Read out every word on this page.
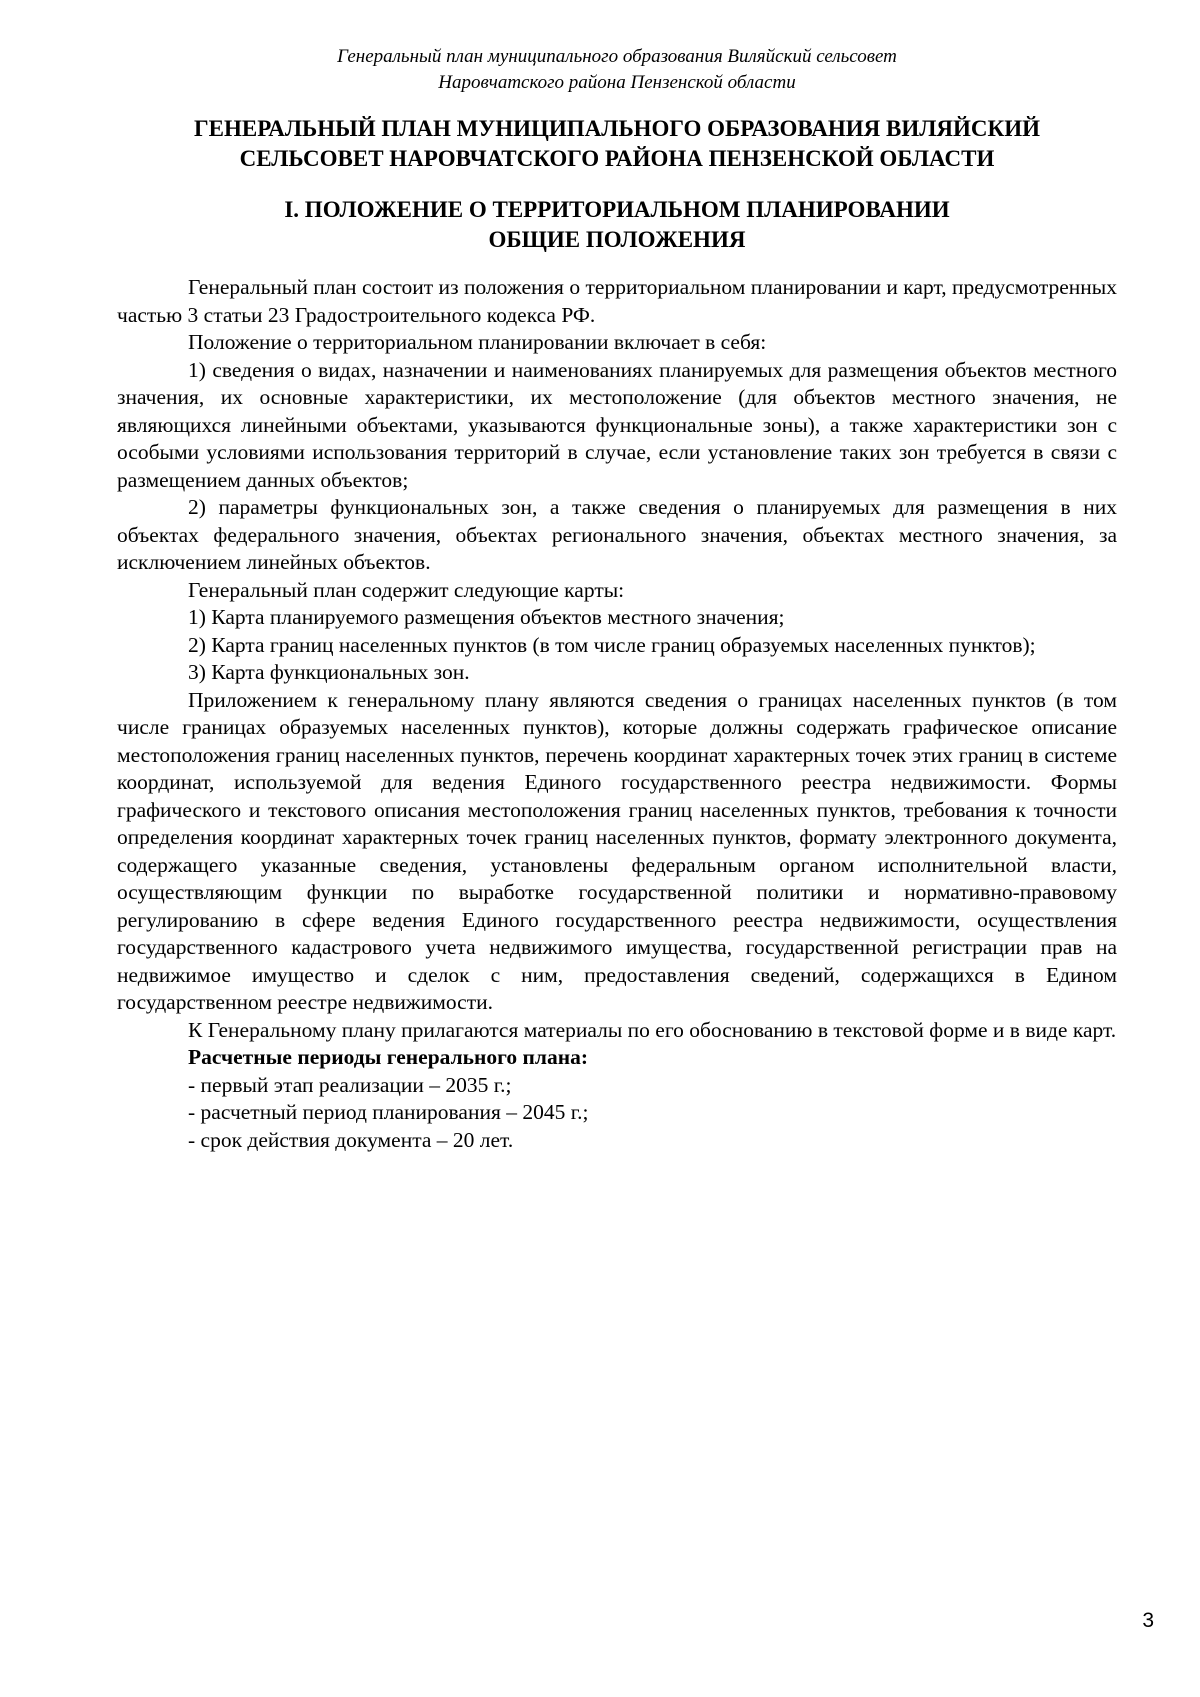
Генеральный план муниципального образования Виляйский сельсовет
Наровчатского района Пензенской области
ГЕНЕРАЛЬНЫЙ ПЛАН МУНИЦИПАЛЬНОГО ОБРАЗОВАНИЯ ВИЛЯЙСКИЙ
СЕЛЬСОВЕТ НАРОВЧАТСКОГО РАЙОНА ПЕНЗЕНСКОЙ ОБЛАСТИ
I. ПОЛОЖЕНИЕ О ТЕРРИТОРИАЛЬНОМ ПЛАНИРОВАНИИ
ОБЩИЕ ПОЛОЖЕНИЯ

Генеральный план состоит из положения о территориальном планировании и карт, предусмотренных частью 3 статьи 23 Градостроительного кодекса РФ.

Положение о территориальном планировании включает в себя:

1) сведения о видах, назначении и наименованиях планируемых для размещения объектов местного значения, их основные характеристики, их местоположение (для объектов местного значения, не являющихся линейными объектами, указываются функциональные зоны), а также характеристики зон с особыми условиями использования территорий в случае, если установление таких зон требуется в связи с размещением данных объектов;

2) параметры функциональных зон, а также сведения о планируемых для размещения в них объектах федерального значения, объектах регионального значения, объектах местного значения, за исключением линейных объектов.

Генеральный план содержит следующие карты:

1) Карта планируемого размещения объектов местного значения;

2) Карта границ населенных пунктов (в том числе границ образуемых населенных пунктов);

3) Карта функциональных зон.

Приложением к генеральному плану являются сведения о границах населенных пунктов (в том числе границах образуемых населенных пунктов), которые должны содержать графическое описание местоположения границ населенных пунктов, перечень координат характерных точек этих границ в системе координат, используемой для ведения Единого государственного реестра недвижимости. Формы графического и текстового описания местоположения границ населенных пунктов, требования к точности определения координат характерных точек границ населенных пунктов, формату электронного документа, содержащего указанные сведения, установлены федеральным органом исполнительной власти, осуществляющим функции по выработке государственной политики и нормативно-правовому регулированию в сфере ведения Единого государственного реестра недвижимости, осуществления государственного кадастрового учета недвижимого имущества, государственной регистрации прав на недвижимое имущество и сделок с ним, предоставления сведений, содержащихся в Едином государственном реестре недвижимости.

К Генеральному плану прилагаются материалы по его обоснованию в текстовой форме и в виде карт.

Расчетные периоды генерального плана:

- первый этап реализации – 2035 г.;

- расчетный период планирования – 2045 г.;

- срок действия документа – 20 лет.

3
